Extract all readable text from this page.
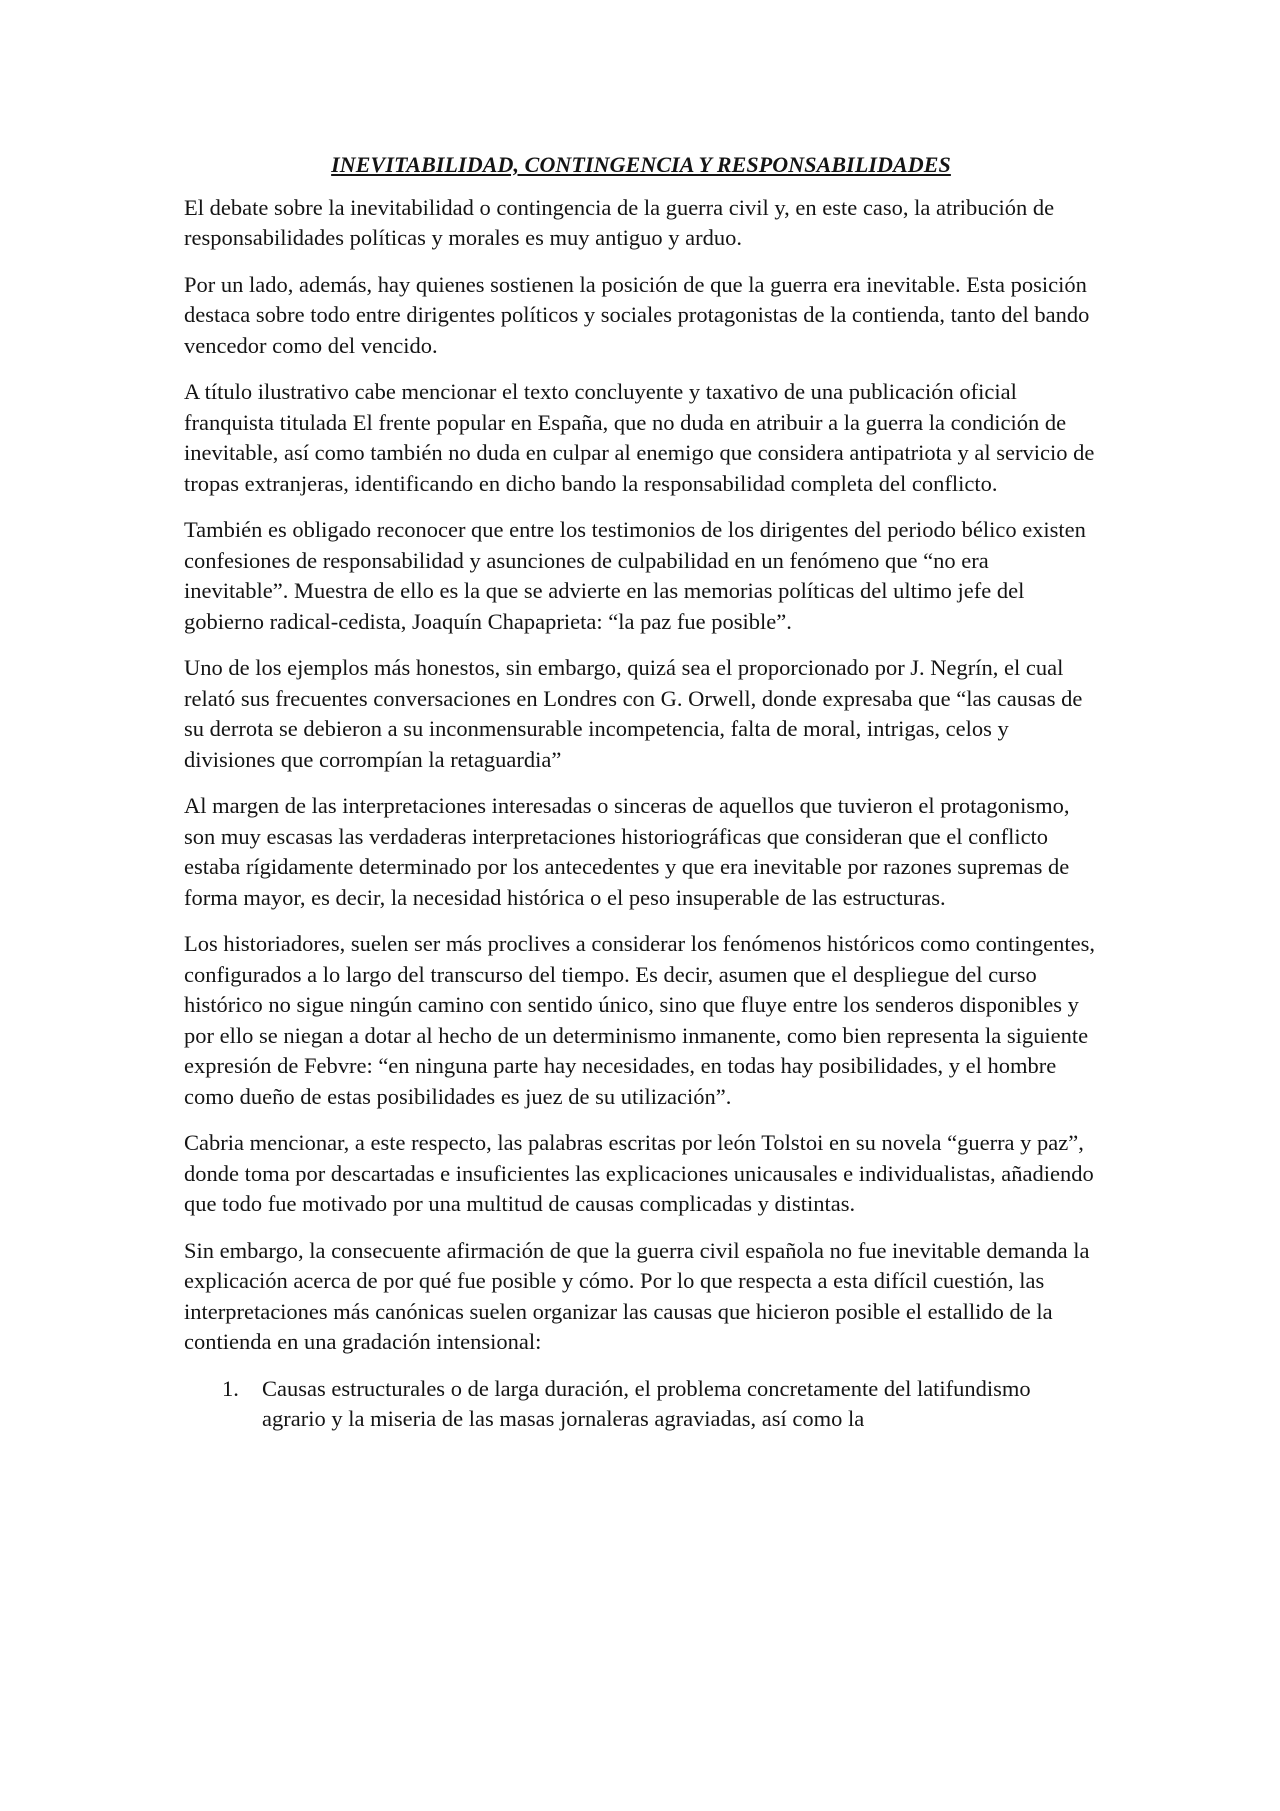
INEVITABILIDAD, CONTINGENCIA Y RESPONSABILIDADES

El debate sobre la inevitabilidad o contingencia de la guerra civil y, en este caso, la atribución de responsabilidades políticas y morales es muy antiguo y arduo.

Por un lado, además, hay quienes sostienen la posición de que la guerra era inevitable. Esta posición destaca sobre todo entre dirigentes políticos y sociales protagonistas de la contienda, tanto del bando vencedor como del vencido.

A título ilustrativo cabe mencionar el texto concluyente y taxativo de una publicación oficial franquista titulada El frente popular en España, que no duda en atribuir a la guerra la condición de inevitable, así como también no duda en culpar al enemigo que considera antipatriota y al servicio de tropas extranjeras, identificando en dicho bando la responsabilidad completa del conflicto.

También es obligado reconocer que entre los testimonios de los dirigentes del periodo bélico existen confesiones de responsabilidad y asunciones de culpabilidad en un fenómeno que “no era inevitable”. Muestra de ello es la que se advierte en las memorias políticas del ultimo jefe del gobierno radical-cedista, Joaquín Chapaprieta: “la paz fue posible”.

Uno de los ejemplos más honestos, sin embargo, quizá sea el proporcionado por J. Negrín, el cual relató sus frecuentes conversaciones en Londres con G. Orwell, donde expresaba que “las causas de su derrota se debieron a su inconmensurable incompetencia, falta de moral, intrigas, celos y divisiones que corrompían la retaguardia”

Al margen de las interpretaciones interesadas o sinceras de aquellos que tuvieron el protagonismo, son muy escasas las verdaderas interpretaciones historiográficas que consideran que el conflicto estaba rígidamente determinado por los antecedentes y que era inevitable por razones supremas de forma mayor, es decir, la necesidad histórica o el peso insuperable de las estructuras.

Los historiadores, suelen ser más proclives a considerar los fenómenos históricos como contingentes, configurados a lo largo del transcurso del tiempo. Es decir, asumen que el despliegue del curso histórico no sigue ningún camino con sentido único, sino que fluye entre los senderos disponibles y por ello se niegan a dotar al hecho de un determinismo inmanente, como bien representa la siguiente expresión de Febvre: “en ninguna parte hay necesidades, en todas hay posibilidades, y el hombre como dueño de estas posibilidades es juez de su utilización”.

Cabria mencionar, a este respecto, las palabras escritas por león Tolstoi en su novela “guerra y paz”, donde toma por descartadas e insuficientes las explicaciones unicausales e individualistas, añadiendo que todo fue motivado por una multitud de causas complicadas y distintas.

Sin embargo, la consecuente afirmación de que la guerra civil española no fue inevitable demanda la explicación acerca de por qué fue posible y cómo. Por lo que respecta a esta difícil cuestión, las interpretaciones más canónicas suelen organizar las causas que hicieron posible el estallido de la contienda en una gradación intensional:

1. Causas estructurales o de larga duración, el problema concretamente del latifundismo agrario y la miseria de las masas jornaleras agraviadas, así como la
